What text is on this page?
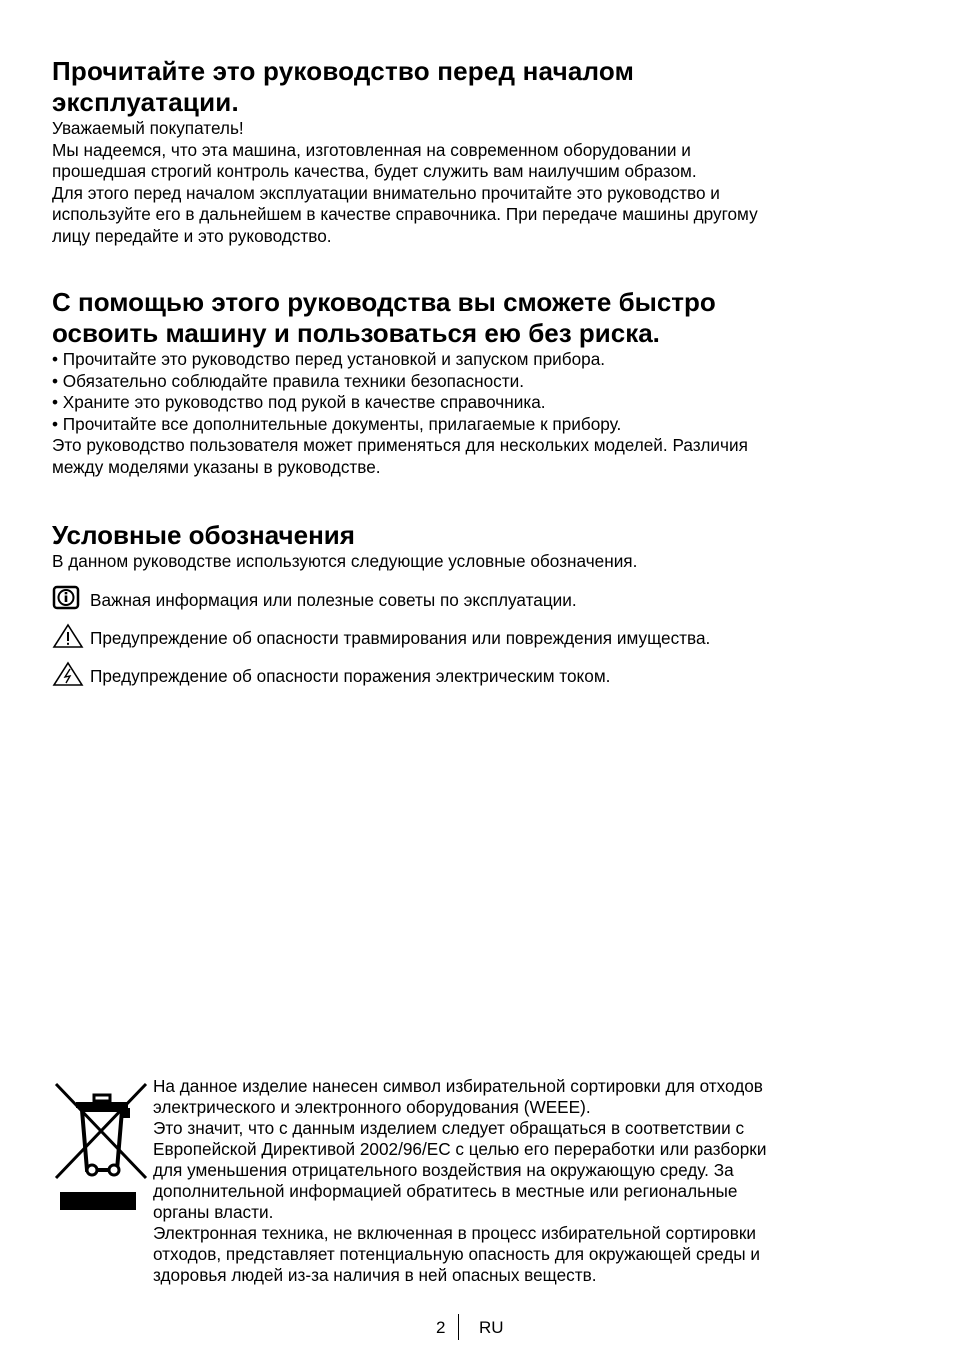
Прочитайте это руководство перед началом
эксплуатации.

Уважаемый покупатель!

Мы надеемся, что эта машина, изготовленная на современном оборудовании и

прошедшая строгий контроль качества, будет служить вам наилучшим образом.

Для этого перед началом эксплуатации внимательно прочитайте это руководство и

используйте его в дальнейшем в качестве справочника. При передаче машины другому

лицу передайте и это руководство.

С помощью этого руководства вы сможете быстро
освоить машину и пользоваться ею без риска.
• Прочитайте это руководство перед установкой и запуском прибора.
• Обязательно соблюдайте правила техники безопасности.
• Храните это руководство под рукой в качестве справочника.
• Прочитайте все дополнительные документы, прилагаемые к прибору.

Это руководство пользователя может применяться для нескольких моделей. Различия

между моделями указаны в руководстве.

Условные обозначения

В данном руководстве используются следующие условные обозначения.

Важная информация или полезные советы по эксплуатации.

Предупреждение об опасности травмирования или повреждения имущества.

Предупреждение об опасности поражения электрическим током.

На данное изделие нанесен символ избирательной сортировки для отходов

электрического и электронного оборудования (WEEE).

Это значит, что с данным изделием следует обращаться в соответствии с

Европейской Директивой 2002/96/EC с целью его переработки или разборки

для уменьшения отрицательного воздействия на окружающую среду. За

дополнительной информацией обратитесь в местные или региональные

органы власти.

Электронная техника, не включенная в процесс избирательной сортировки

отходов, представляет потенциальную опасность для окружающей среды и

здоровья людей из-за наличия в ней опасных веществ.

2 RU
